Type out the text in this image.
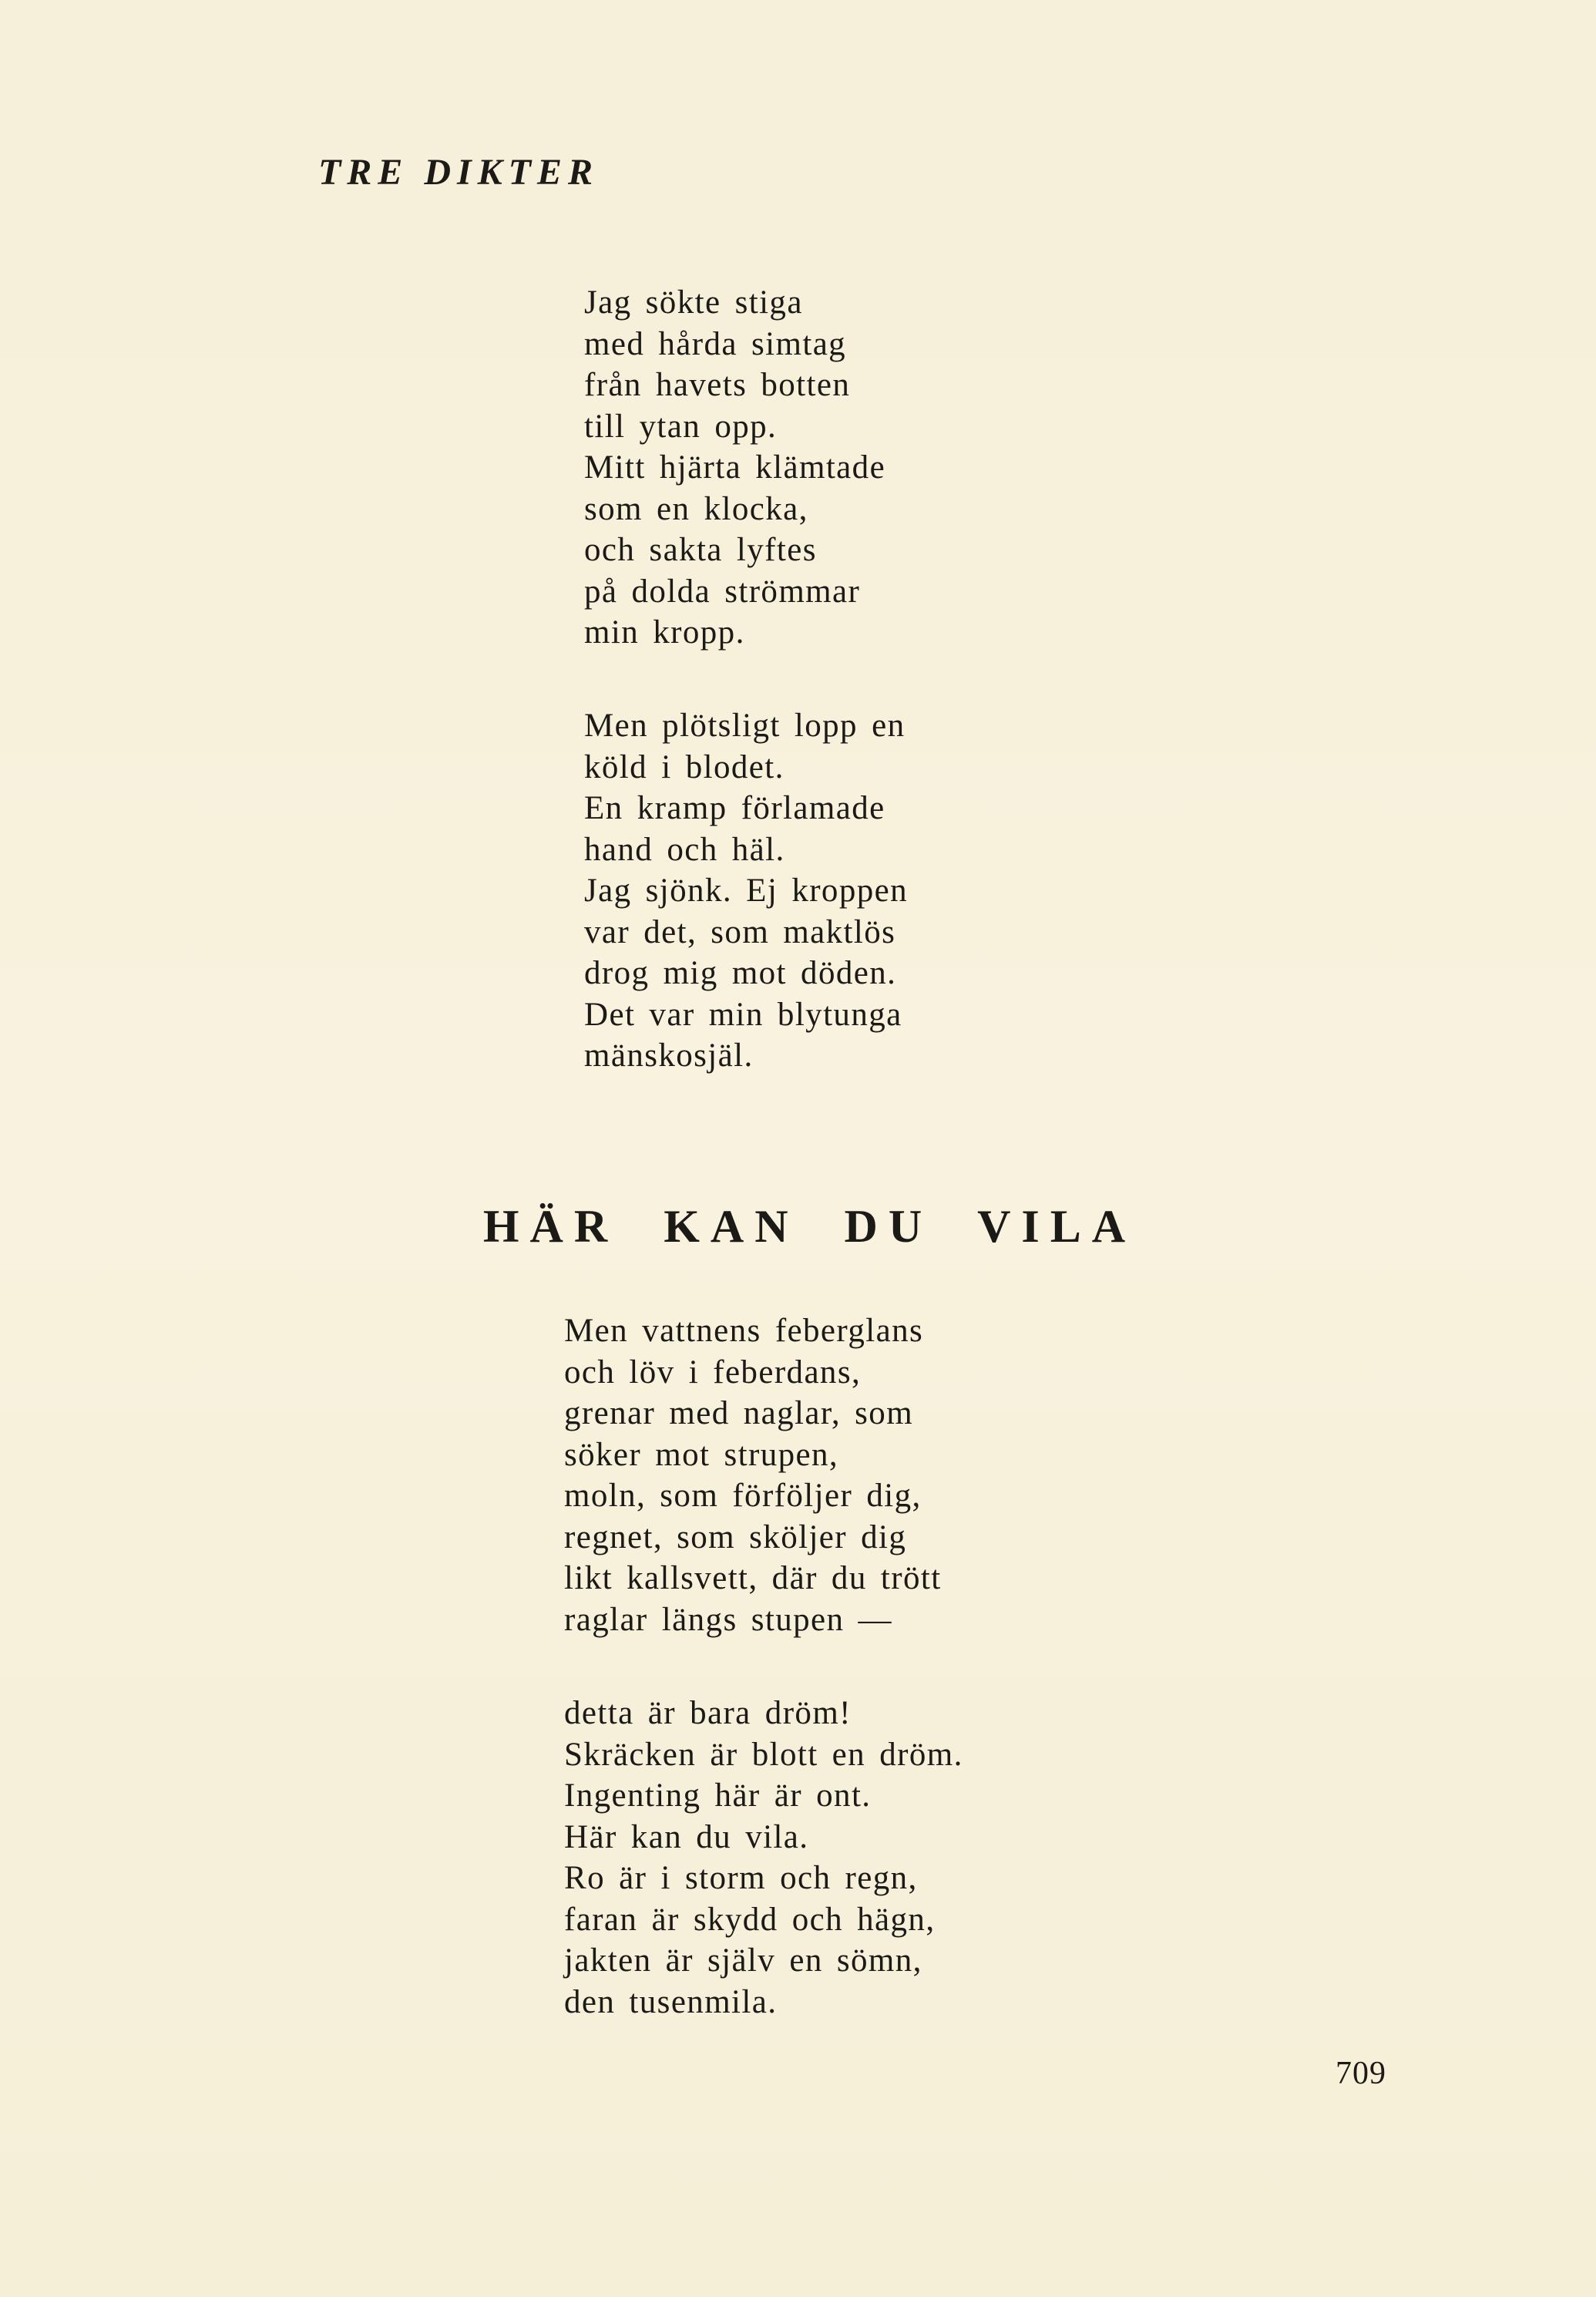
TRE DIKTER
Jag sökte stiga
med hårda simtag
från havets botten
till ytan opp.
Mitt hjärta klämtade
som en klocka,
och sakta lyftes
på dolda strömmar
min kropp.
Men plötsligt lopp en
köld i blodet.
En kramp förlamade
hand och häl.
Jag sjönk. Ej kroppen
var det, som maktlös
drog mig mot döden.
Det var min blytunga
mänskosjäl.
HÄR KAN DU VILA
Men vattnens feberglans
och löv i feberdans,
grenar med naglar, som
söker mot strupen,
moln, som förföljer dig,
regnet, som sköljer dig
likt kallsvett, där du trött
raglar längs stupen —
detta är bara dröm!
Skräcken är blott en dröm.
Ingenting här är ont.
Här kan du vila.
Ro är i storm och regn,
faran är skydd och hägn,
jakten är själv en sömn,
den tusenmila.

709
